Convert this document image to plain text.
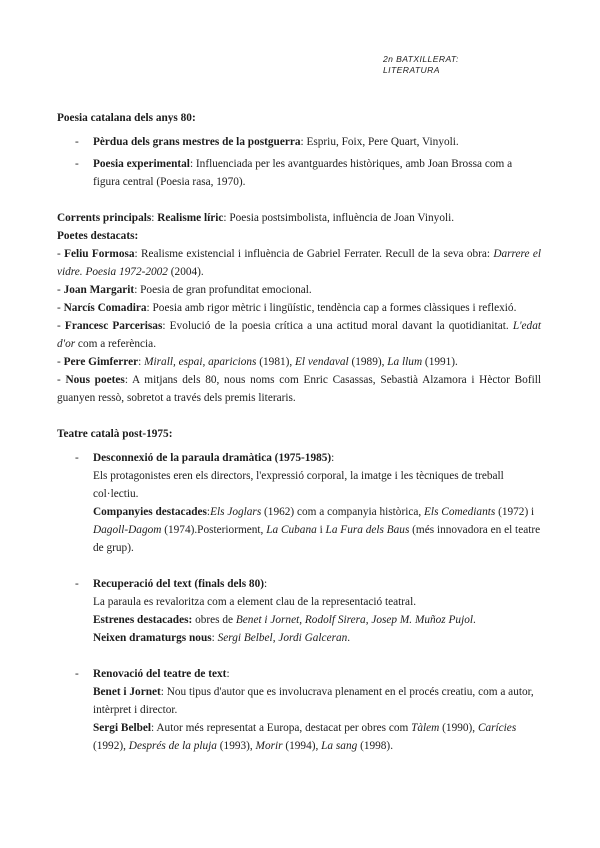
2n BATXILLERAT:
LITERATURA
Poesia catalana dels anys 80:
- Pèrdua dels grans mestres de la postguerra: Espriu, Foix, Pere Quart, Vinyoli.
- Poesia experimental: Influenciada per les avantguardes històriques, amb Joan Brossa com a figura central (Poesia rasa, 1970).

Corrents principals: Realisme líric: Poesia postsimbolista, influència de Joan Vinyoli.

Poetes destacats:

- Feliu Formosa: Realisme existencial i influència de Gabriel Ferrater. Recull de la seva obra: Darrere el vidre. Poesia 1972-2002 (2004).

- Joan Margarit: Poesia de gran profunditat emocional.

- Narcís Comadira: Poesia amb rigor mètric i lingüístic, tendència cap a formes clàssiques i reflexió.

- Francesc Parcerisas: Evolució de la poesia crítica a una actitud moral davant la quotidianitat. L'edat d'or com a referència.

- Pere Gimferrer: Mirall, espai, aparicions (1981), El vendaval (1989), La llum (1991).

- Nous poetes: A mitjans dels 80, nous noms com Enric Casassas, Sebastià Alzamora i Hèctor Bofill guanyen ressò, sobretot a través dels premis literaris.

Teatre català post-1975:
- Desconnexió de la paraula dramàtica (1975-1985):
Els protagonistes eren els directors, l'expressió corporal, la imatge i les tècniques de treball col·lectiu.
Companyies destacades:Els Joglars (1962) com a companyia històrica, Els Comediants (1972) i Dagoll-Dagom (1974).Posteriorment, La Cubana i La Fura dels Baus (més innovadora en el teatre de grup).
- Recuperació del text (finals dels 80):
La paraula es revaloritza com a element clau de la representació teatral.
Estrenes destacades: obres de Benet i Jornet, Rodolf Sirera, Josep M. Muñoz Pujol.
Neixen dramaturgs nous: Sergi Belbel, Jordi Galceran.
- Renovació del teatre de text:
Benet i Jornet: Nou tipus d'autor que es involucrava plenament en el procés creatiu, com a autor, intèrpret i director.
Sergi Belbel: Autor més representat a Europa, destacat per obres com Tàlem (1990), Carícies (1992), Després de la pluja (1993), Morir (1994), La sang (1998).
